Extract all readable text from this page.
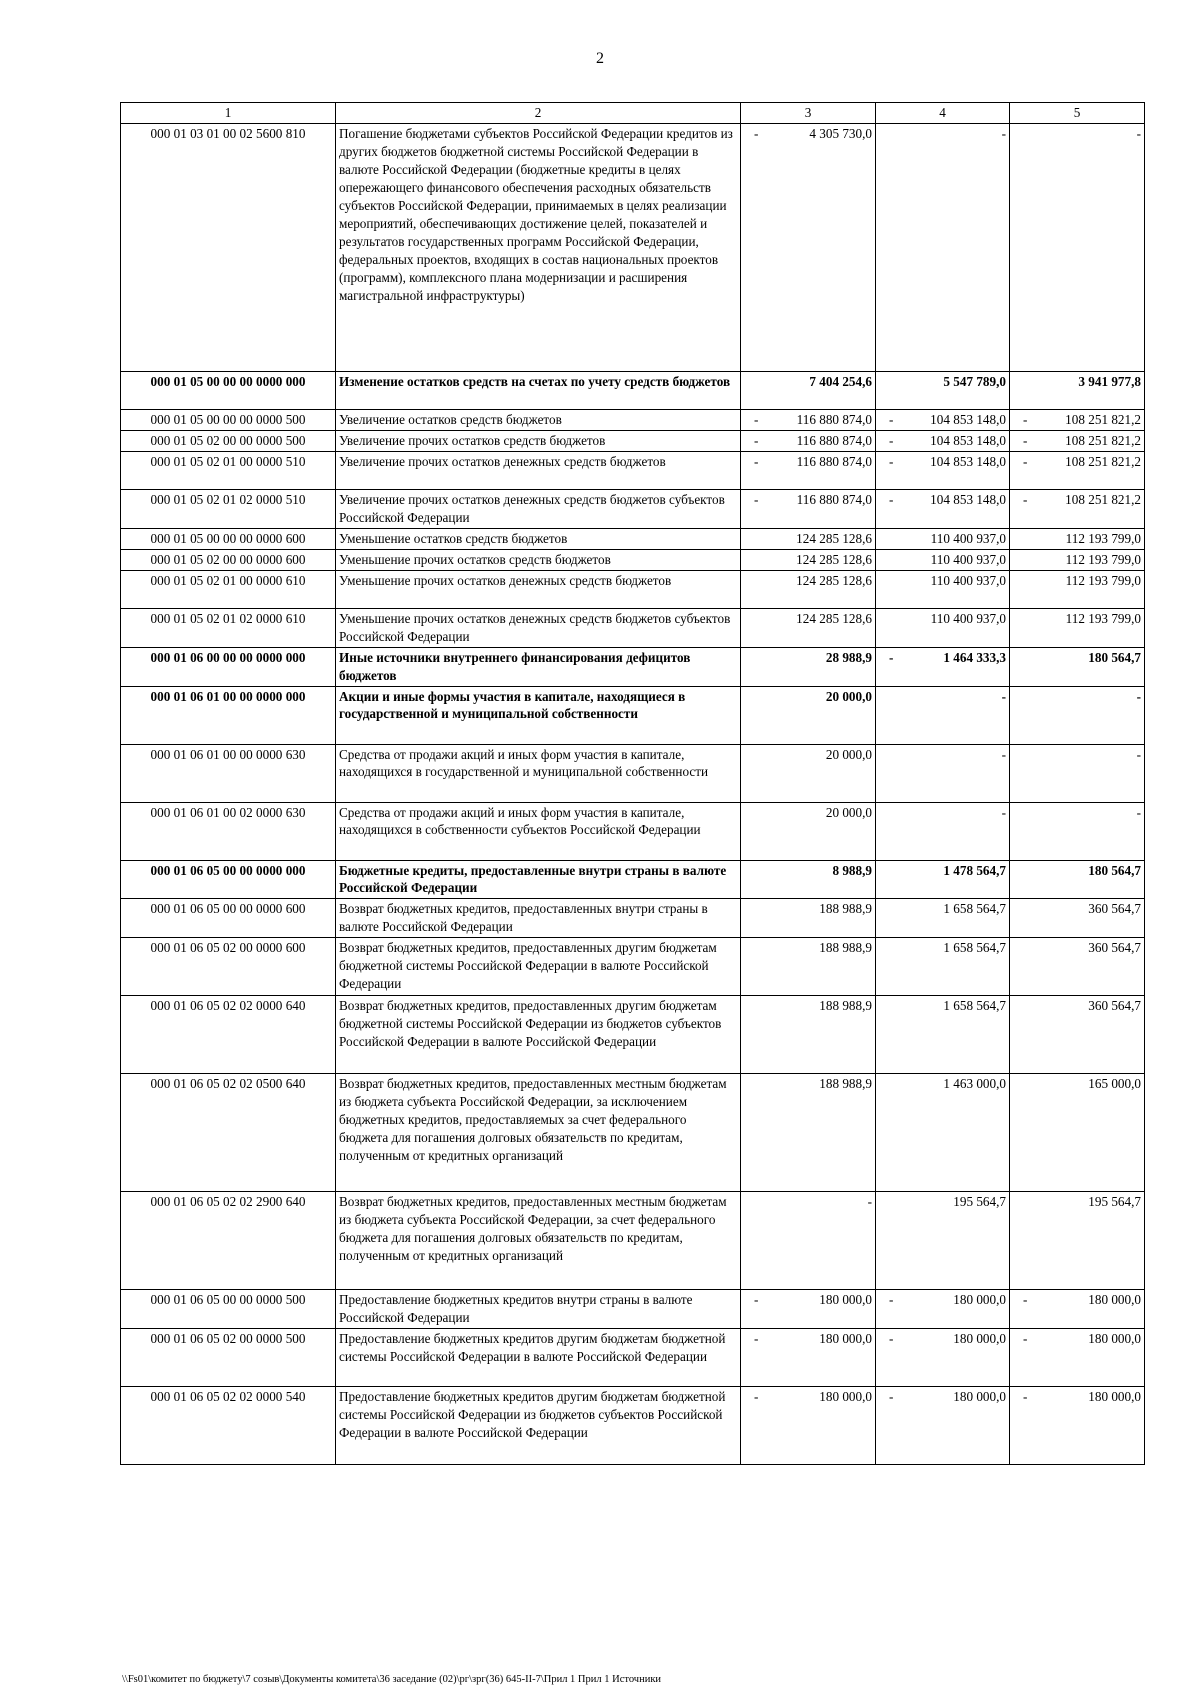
2
1	2	3	4	5
000 01 03 01 00 02 5600 810	Погашение бюджетами субъектов Российской Федерации кредитов из других бюджетов бюджетной системы Российской Федерации в валюте Российской Федерации (бюджетные кредиты в целях опережающего финансового обеспечения расходных обязательств субъектов Российской Федерации, принимаемых в целях реализации мероприятий, обеспечивающих достижение целей, показателей и результатов государственных программ Российской Федерации, федеральных проектов, входящих в состав национальных проектов (программ), комплексного плана модернизации и расширения магистральной инфраструктуры)	- 4 305 730,0	-	-

000 01 05 00 00 00 0000 000	Изменение остатков средств на счетах по учету средств бюджетов	7 404 254,6	5 547 789,0	3 941 977,8

000 01 05 00 00 00 0000 500	Увеличение остатков средств бюджетов	- 116 880 874,0	- 104 853 148,0	- 108 251 821,2

000 01 05 02 00 00 0000 500	Увеличение прочих остатков средств бюджетов	- 116 880 874,0	- 104 853 148,0	- 108 251 821,2

000 01 05 02 01 00 0000 510	Увеличение прочих остатков денежных средств бюджетов	- 116 880 874,0	- 104 853 148,0	- 108 251 821,2

000 01 05 02 01 02 0000 510	Увеличение прочих остатков денежных средств бюджетов субъектов Российской Федерации	- 116 880 874,0	- 104 853 148,0	- 108 251 821,2

000 01 05 00 00 00 0000 600	Уменьшение остатков средств бюджетов	124 285 128,6	110 400 937,0	112 193 799,0

000 01 05 02 00 00 0000 600	Уменьшение прочих остатков средств бюджетов	124 285 128,6	110 400 937,0	112 193 799,0

000 01 05 02 01 00 0000 610	Уменьшение прочих остатков денежных средств бюджетов	124 285 128,6	110 400 937,0	112 193 799,0

000 01 05 02 01 02 0000 610	Уменьшение прочих остатков денежных средств бюджетов субъектов Российской Федерации	124 285 128,6	110 400 937,0	112 193 799,0

000 01 06 00 00 00 0000 000	Иные источники внутреннего финансирования дефицитов бюджетов	28 988,9	- 1 464 333,3	180 564,7

000 01 06 01 00 00 0000 000	Акции и иные формы участия в капитале, находящиеся в государственной и муниципальной собственности	20 000,0	-	-

000 01 06 01 00 00 0000 630	Средства от продажи акций и иных форм участия в капитале, находящихся в государственной и муниципальной собственности	20 000,0	-	-

000 01 06 01 00 02 0000 630	Средства от продажи акций и иных форм участия в капитале, находящихся в собственности субъектов Российской Федерации	20 000,0	-	-

000 01 06 05 00 00 0000 000	Бюджетные кредиты, предоставленные внутри страны в валюте Российской Федерации	8 988,9	1 478 564,7	180 564,7

000 01 06 05 00 00 0000 600	Возврат бюджетных кредитов, предоставленных внутри страны в валюте Российской Федерации	188 988,9	1 658 564,7	360 564,7

000 01 06 05 02 00 0000 600	Возврат бюджетных кредитов, предоставленных другим бюджетам бюджетной системы Российской Федерации в валюте Российской Федерации	188 988,9	1 658 564,7	360 564,7

000 01 06 05 02 02 0000 640	Возврат бюджетных кредитов, предоставленных другим бюджетам бюджетной системы Российской Федерации из бюджетов субъектов Российской Федерации в валюте Российской Федерации	188 988,9	1 658 564,7	360 564,7

000 01 06 05 02 02 0500 640	Возврат бюджетных кредитов, предоставленных местным бюджетам из бюджета субъекта Российской Федерации, за исключением бюджетных кредитов, предоставляемых за счет федерального бюджета для погашения долговых обязательств по кредитам, полученным от кредитных организаций	188 988,9	1 463 000,0	165 000,0

000 01 06 05 02 02 2900 640	Возврат бюджетных кредитов, предоставленных местным бюджетам из бюджета субъекта Российской Федерации, за счет федерального бюджета для погашения долговых обязательств по кредитам, полученным от кредитных организаций	-	195 564,7	195 564,7

000 01 06 05 00 00 0000 500	Предоставление бюджетных кредитов внутри страны в валюте Российской Федерации	- 180 000,0	- 180 000,0	- 180 000,0

000 01 06 05 02 00 0000 500	Предоставление бюджетных кредитов другим бюджетам бюджетной системы Российской Федерации в валюте Российской Федерации	- 180 000,0	- 180 000,0	- 180 000,0

000 01 06 05 02 02 0000 540	Предоставление бюджетных кредитов другим бюджетам бюджетной системы Российской Федерации из бюджетов субъектов Российской Федерации в валюте Российской Федерации	- 180 000,0	- 180 000,0	- 180 000,0
\\Fs01\комитет по бюджету\7 созыв\Документы комитета\36 заседание (02)\рг\зрг(36) 645-II-7\Прил 1 Прил 1 Источники
